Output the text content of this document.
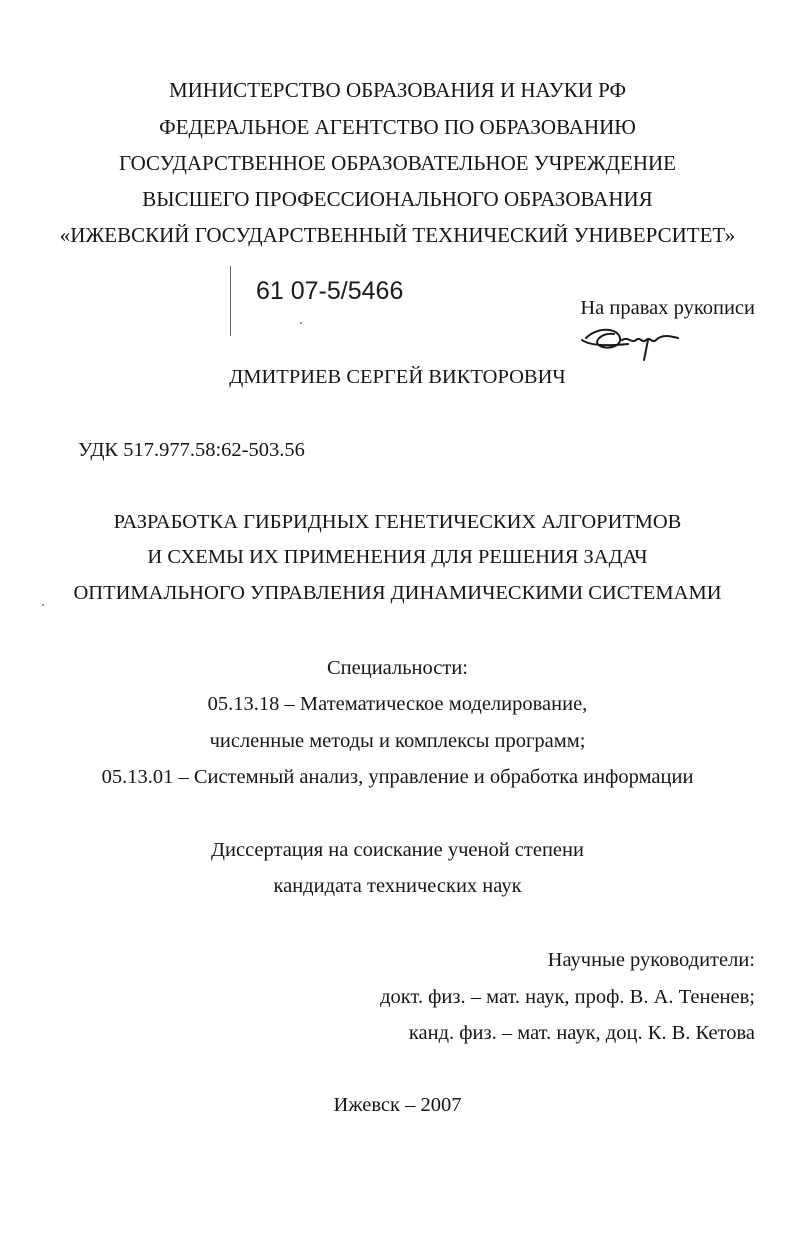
МИНИСТЕРСТВО ОБРАЗОВАНИЯ И НАУКИ РФ
ФЕДЕРАЛЬНОЕ АГЕНТСТВО ПО ОБРАЗОВАНИЮ
ГОСУДАРСТВЕННОЕ ОБРАЗОВАТЕЛЬНОЕ УЧРЕЖДЕНИЕ
ВЫСШЕГО ПРОФЕССИОНАЛЬНОГО ОБРАЗОВАНИЯ
«ИЖЕВСКИЙ ГОСУДАРСТВЕННЫЙ ТЕХНИЧЕСКИЙ УНИВЕРСИТЕТ»
61 07-5/5466
На правах рукописи
ДМИТРИЕВ СЕРГЕЙ ВИКТОРОВИЧ
УДК 517.977.58:62-503.56
РАЗРАБОТКА ГИБРИДНЫХ ГЕНЕТИЧЕСКИХ АЛГОРИТМОВ
И СХЕМЫ ИХ ПРИМЕНЕНИЯ ДЛЯ РЕШЕНИЯ ЗАДАЧ
ОПТИМАЛЬНОГО УПРАВЛЕНИЯ ДИНАМИЧЕСКИМИ СИСТЕМАМИ
Специальности:
05.13.18 – Математическое моделирование,
численные методы и комплексы программ;
05.13.01 – Системный анализ, управление и обработка информации
Диссертация на соискание ученой степени
кандидата технических наук
Научные руководители:
докт. физ. – мат. наук, проф. В. А. Тененев;
канд. физ. – мат. наук, доц. К. В. Кетова
Ижевск – 2007
